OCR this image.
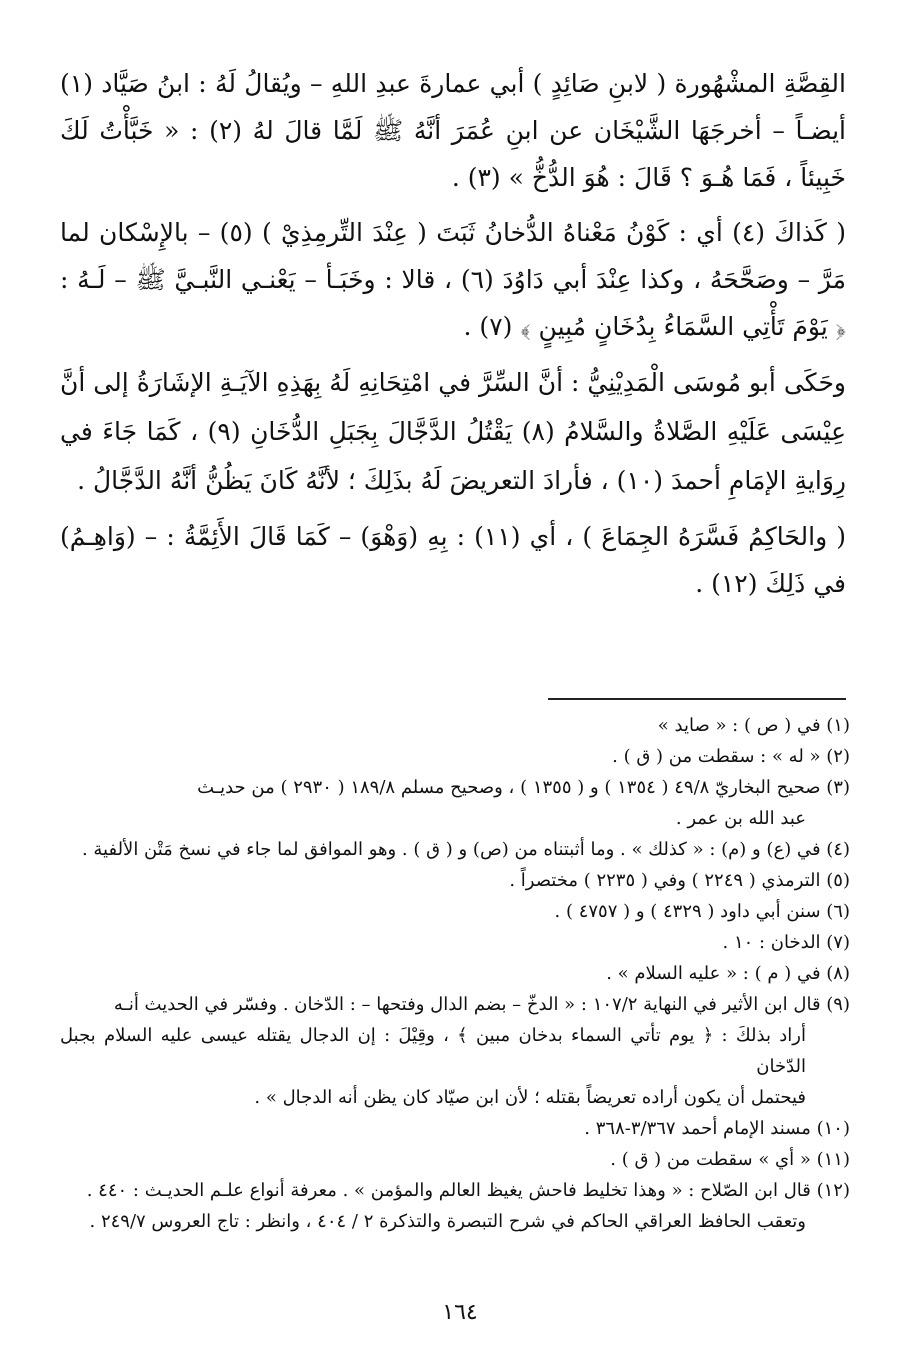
القِصَّةِ المشْهُورة ( لابنِ صَائِدٍ ) أبي عمارةَ عبدِ اللهِ – ويُقالُ لَهُ : ابنُ صَيَّاد (١) أيضـاً – أخرجَهَا الشَّيْخَان عن ابنِ عُمَرَ أنَّهُ ﷺ لَمَّا قالَ لهُ (٢) : « خَبَّأْتُ لَكَ خَبِيئاً ، فَمَا هُـوَ ؟ قَالَ : هُوَ الدُّخُّ » (٣) .

( كَذاكَ (٤) أي : كَوْنُ مَعْناهُ الدُّخانُ ثَبَتَ ( عِنْدَ التِّرمِذِيْ ) (٥) – بالإِسْكان لما مَرَّ – وصَحَّحَهُ ، وكذا عِنْدَ أبي دَاوُدَ (٦) ، قالا : وخَبَـأ – يَعْنـي النَّبـيَّ ﷺ – لَـهُ : ﴿ يَوْمَ تَأْتِي السَّمَاءُ بِدُخَانٍ مُبِينٍ ﴾ (٧) .

وحَكَى أبو مُوسَى الْمَدِيْنِيُّ : أنَّ السِّرَّ في امْتِحَانِهِ لَهُ بِهَذِهِ الآيَـةِ الإشَارَةُ إلى أنَّ عِيْسَى عَلَيْهِ الصَّلاةُ والسَّلامُ (٨) يَقْتُلُ الدَّجَّالَ بِجَبَلِ الدُّخَانِ (٩) ، كَمَا جَاءَ في رِوَايةِ الإمَامِ أحمدَ (١٠) ، فأرادَ التعريضَ لَهُ بذَلِكَ ؛ لأنَّهُ كَانَ يَظُنُّ أنَّهُ الدَّجَّالُ .

( والحَاكِمُ فَسَّرَهُ الجِمَاعَ ) ، أي (١١) : بِهِ (وَهْوَ) – كَمَا قَالَ الأَئِمَّةُ : – (وَاهِـمُ) في ذَلِكَ (١٢) .

(١) في ( ص ) : « صايد »

(٢) « له » : سقطت من ( ق ) .

(٣) صحيح البخاريّ ٤٩/٨ ( ١٣٥٤ ) و ( ١٣٥٥ ) ، وصحيح مسلم ١٨٩/٨ ( ٢٩٣٠ ) من حديـث

عبد الله بن عمر .

(٤) في (ع) و (م) : « كذلك » . وما أثبتناه من (ص) و ( ق ) . وهو الموافق لما جاء في نسخ مَتْن الألفية .

(٥) الترمذي ( ٢٢٤٩ ) وفي ( ٢٢٣٥ ) مختصراً .

(٦) سنن أبي داود ( ٤٣٢٩ ) و ( ٤٧٥٧ ) .

(٧) الدخان : ١٠ .

(٨) في ( م ) : « عليه السلام » .

(٩) قال ابن الأثير في النهاية ١٠٧/٢ : « الدخّ – بضم الدال وفتحها – : الدّخان . وفسّر في الحديث أنـه

أراد بذلكَ : ﴿ يوم تأتي السماء بدخان مبين ﴾ ، وقِيْلَ : إن الدجال يقتله عيسى عليه السلام بجبل الدّخان

فيحتمل أن يكون أراده تعريضاً بقتله ؛ لأن ابن صيّاد كان يظن أنه الدجال » .

(١٠) مسند الإمام أحمد ٣/٣٦٧-٣٦٨ .

(١١) « أي » سقطت من ( ق ) .

(١٢) قال ابن الصّلاح : « وهذا تخليط فاحش يغيظ العالم والمؤمن » . معرفة أنواع علـم الحديـث : ٤٤٠ .

وتعقب الحافظ العراقي الحاكم في شرح التبصرة والتذكرة ٢ / ٤٠٤ ، وانظر : تاج العروس ٢٤٩/٧ .

١٦٤
